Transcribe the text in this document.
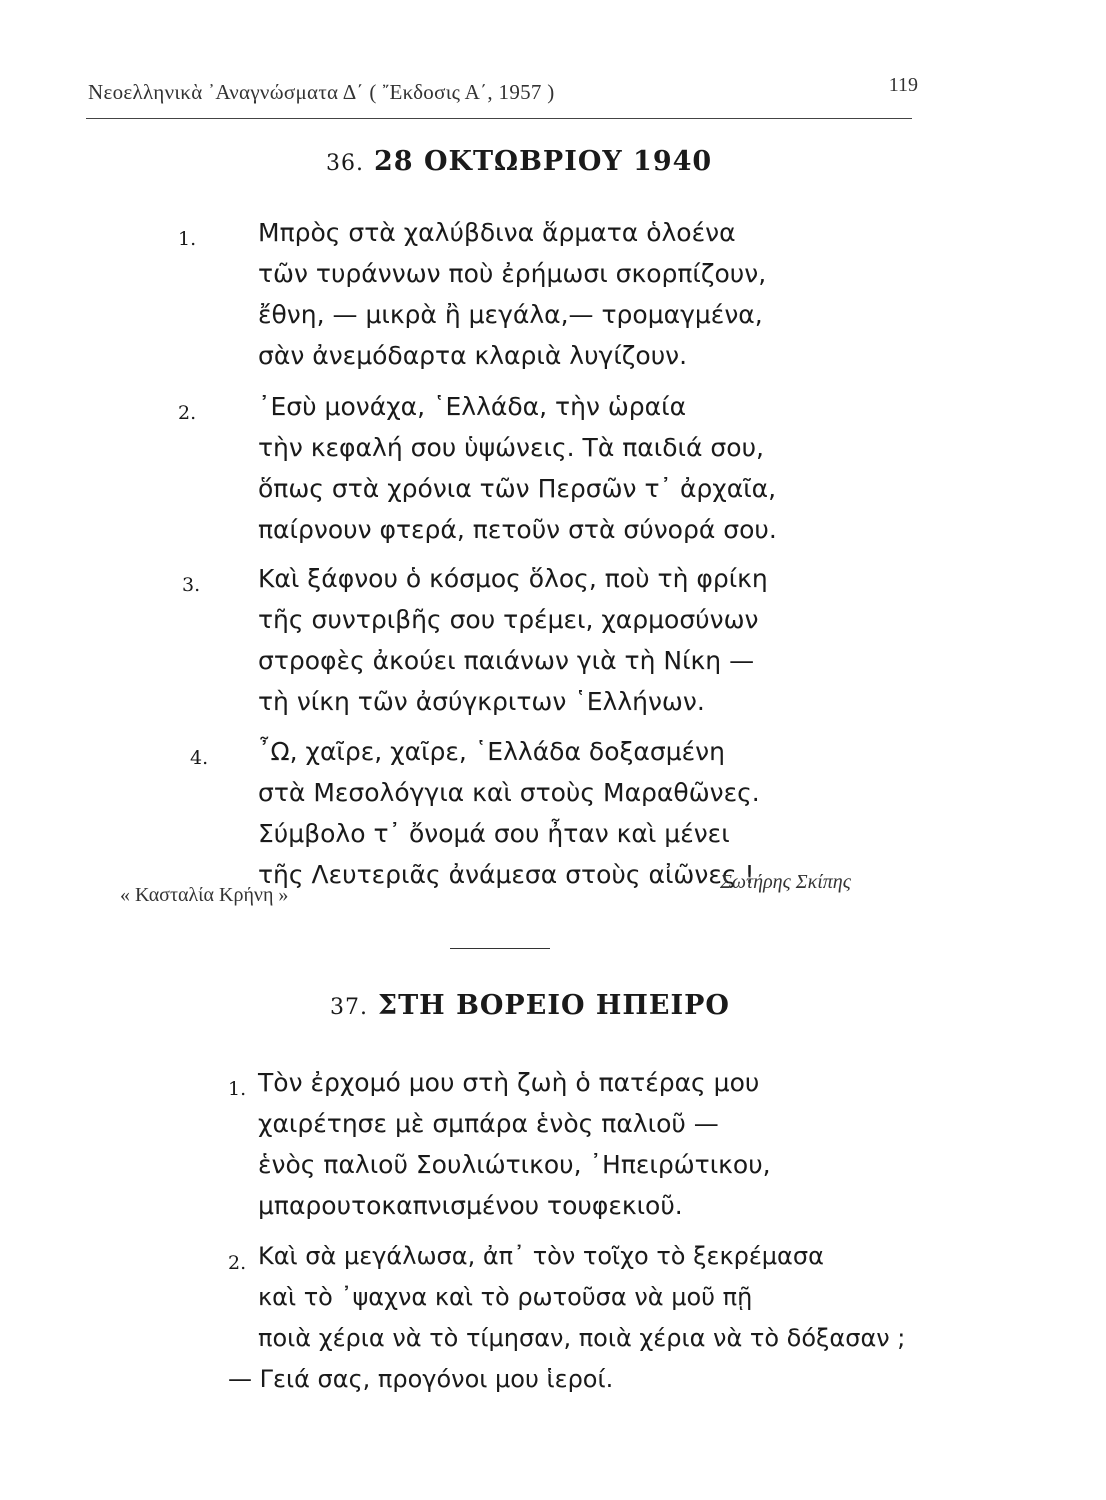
Νεοελληνικὰ ᾿Αναγνώσματα Δ΄ ( ῎Εκδοσις Α΄, 1957 )	119
36. 28 ΟΚΤΩΒΡΙΟΥ 1940
1. Μπρὸς στὰ χαλύβδινα ἅρματα ὁλοένα
τῶν τυράννων ποὺ ἐρήμωσι σκορπίζουν,
ἔθνη, — μικρὰ ἢ μεγάλα,— τρομαγμένα,
σὰν ἀνεμόδαρτα κλαριὰ λυγίζουν.
2. ᾿Εσὺ μονάχα, ῾Ελλάδα, τὴν ὡραία
τὴν κεφαλή σου ὑψώνεις. Τὰ παιδιά σου,
ὅπως στὰ χρόνια τῶν Περσῶν τ᾿ ἀρχαῖα,
παίρνουν φτερά, πετοῦν στὰ σύνορά σου.
3. Καὶ ξάφνου ὁ κόσμος ὅλος, ποὺ τὴ φρίκη
τῆς συντριβῆς σου τρέμει, χαρμοσύνων
στροφὲς ἀκούει παιάνων γιὰ τὴ Νίκη —
τὴ νίκη τῶν ἀσύγκριτων ῾Ελλήνων.
4. ῏Ω, χαῖρε, χαῖρε, ῾Ελλάδα δοξασμένη
στὰ Μεσολόγγια καὶ στοὺς Μαραθῶνες.
Σύμβολο τ᾿ ὄνομά σου ἦταν καὶ μένει
τῆς Λευτεριᾶς ἀνάμεσα στοὺς αἰῶνες !
« Κασταλία Κρήνη »
Σωτήρης Σκίπης
37. ΣΤΗ ΒΟΡΕΙΟ ΗΠΕΙΡΟ
1. Τὸν ἐρχομό μου στὴ ζωὴ ὁ πατέρας μου
χαιρέτησε μὲ σμπάρα ἑνὸς παλιοῦ —
ἑνὸς παλιοῦ Σουλιώτικου, ᾿Ηπειρώτικου,
μπαρουτοκαπνισμένου τουφεκιοῦ.
2. Καὶ σὰ μεγάλωσα, ἀπ᾿ τὸν τοῖχο τὸ ξεκρέμασα
καὶ τὸ ᾿ψαχνα καὶ τὸ ρωτοῦσα νὰ μοῦ πῇ
ποιὰ χέρια νὰ τὸ τίμησαν, ποιὰ χέρια νὰ τὸ δόξασαν ;
— Γειά σας, προγόνοι μου ἱεροί.
